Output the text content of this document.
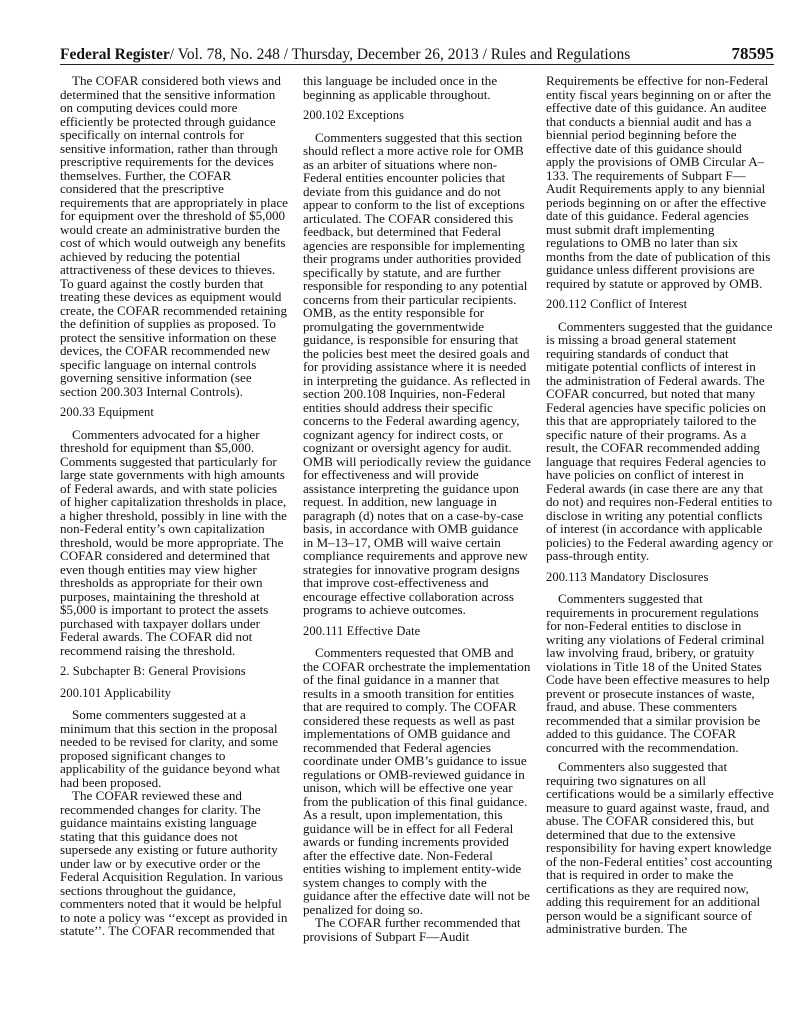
Federal Register/ Vol. 78, No. 248 / Thursday, December 26, 2013 / Rules and Regulations	78595

The COFAR considered both views and determined that the sensitive information on computing devices could more efficiently be protected through guidance specifically on internal controls for sensitive information, rather than through prescriptive requirements for the devices themselves. Further, the COFAR considered that the prescriptive requirements that are appropriately in place for equipment over the threshold of $5,000 would create an administrative burden the cost of which would outweigh any benefits achieved by reducing the potential attractiveness of these devices to thieves. To guard against the costly burden that treating these devices as equipment would create, the COFAR recommended retaining the definition of supplies as proposed. To protect the sensitive information on these devices, the COFAR recommended new specific language on internal controls governing sensitive information (see section 200.303 Internal Controls).

200.33 Equipment

Commenters advocated for a higher threshold for equipment than $5,000. Comments suggested that particularly for large state governments with high amounts of Federal awards, and with state policies of higher capitalization thresholds in place, a higher threshold, possibly in line with the non-Federal entity’s own capitalization threshold, would be more appropriate. The COFAR considered and determined that even though entities may view higher thresholds as appropriate for their own purposes, maintaining the threshold at $5,000 is important to protect the assets purchased with taxpayer dollars under Federal awards. The COFAR did not recommend raising the threshold.

2. Subchapter B: General Provisions
200.101 Applicability

Some commenters suggested at a minimum that this section in the proposal needed to be revised for clarity, and some proposed significant changes to applicability of the guidance beyond what had been proposed.

The COFAR reviewed these and recommended changes for clarity. The guidance maintains existing language stating that this guidance does not supersede any existing or future authority under law or by executive order or the Federal Acquisition Regulation. In various sections throughout the guidance, commenters noted that it would be helpful to note a policy was ‘‘except as provided in statute’’. The COFAR recommended that

this language be included once in the beginning as applicable throughout.

200.102 Exceptions

Commenters suggested that this section should reflect a more active role for OMB as an arbiter of situations where non-Federal entities encounter policies that deviate from this guidance and do not appear to conform to the list of exceptions articulated. The COFAR considered this feedback, but determined that Federal agencies are responsible for implementing their programs under authorities provided specifically by statute, and are further responsible for responding to any potential concerns from their particular recipients. OMB, as the entity responsible for promulgating the governmentwide guidance, is responsible for ensuring that the policies best meet the desired goals and for providing assistance where it is needed in interpreting the guidance. As reflected in section 200.108 Inquiries, non-Federal entities should address their specific concerns to the Federal awarding agency, cognizant agency for indirect costs, or cognizant or oversight agency for audit. OMB will periodically review the guidance for effectiveness and will provide assistance interpreting the guidance upon request. In addition, new language in paragraph (d) notes that on a case-by-case basis, in accordance with OMB guidance in M–13–17, OMB will waive certain compliance requirements and approve new strategies for innovative program designs that improve cost-effectiveness and encourage effective collaboration across programs to achieve outcomes.

200.111 Effective Date

Commenters requested that OMB and the COFAR orchestrate the implementation of the final guidance in a manner that results in a smooth transition for entities that are required to comply. The COFAR considered these requests as well as past implementations of OMB guidance and recommended that Federal agencies coordinate under OMB’s guidance to issue regulations or OMB-reviewed guidance in unison, which will be effective one year from the publication of this final guidance. As a result, upon implementation, this guidance will be in effect for all Federal awards or funding increments provided after the effective date. Non-Federal entities wishing to implement entity-wide system changes to comply with the guidance after the effective date will not be penalized for doing so.

The COFAR further recommended that provisions of Subpart F—Audit

Requirements be effective for non-Federal entity fiscal years beginning on or after the effective date of this guidance. An auditee that conducts a biennial audit and has a biennial period beginning before the effective date of this guidance should apply the provisions of OMB Circular A–133. The requirements of Subpart F—Audit Requirements apply to any biennial periods beginning on or after the effective date of this guidance. Federal agencies must submit draft implementing regulations to OMB no later than six months from the date of publication of this guidance unless different provisions are required by statute or approved by OMB.

200.112 Conflict of Interest

Commenters suggested that the guidance is missing a broad general statement requiring standards of conduct that mitigate potential conflicts of interest in the administration of Federal awards. The COFAR concurred, but noted that many Federal agencies have specific policies on this that are appropriately tailored to the specific nature of their programs. As a result, the COFAR recommended adding language that requires Federal agencies to have policies on conflict of interest in Federal awards (in case there are any that do not) and requires non-Federal entities to disclose in writing any potential conflicts of interest (in accordance with applicable policies) to the Federal awarding agency or pass-through entity.

200.113 Mandatory Disclosures

Commenters suggested that requirements in procurement regulations for non-Federal entities to disclose in writing any violations of Federal criminal law involving fraud, bribery, or gratuity violations in Title 18 of the United States Code have been effective measures to help prevent or prosecute instances of waste, fraud, and abuse. These commenters recommended that a similar provision be added to this guidance. The COFAR concurred with the recommendation.

Commenters also suggested that requiring two signatures on all certifications would be a similarly effective measure to guard against waste, fraud, and abuse. The COFAR considered this, but determined that due to the extensive responsibility for having expert knowledge of the non-Federal entities’ cost accounting that is required in order to make the certifications as they are required now, adding this requirement for an additional person would be a significant source of administrative burden. The
